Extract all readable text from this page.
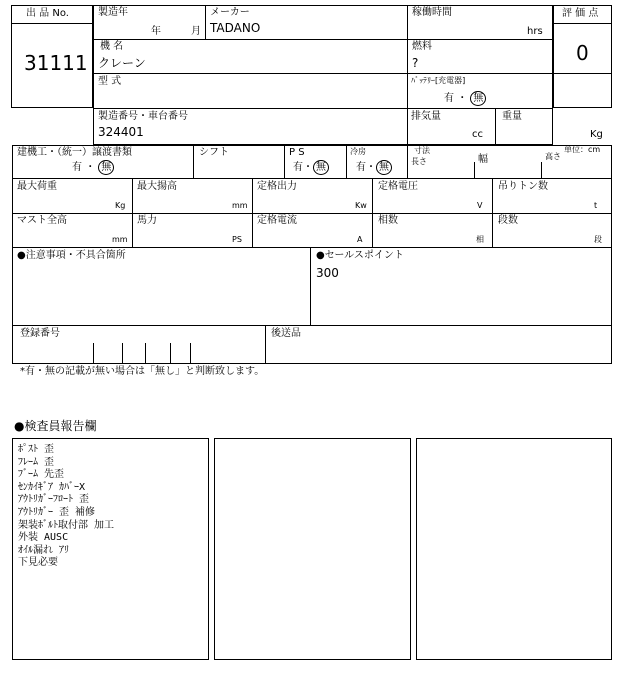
出 品 No.
31111
評 価 点
0
製造年
年	月
メーカー
TADANO
稼働時間
hrs
機 名
クレーン
燃料
?
型 式	ﾊﾞｯﾃﾘｰ[充電器]
有 ・ 無
製造番号・車台番号
324401
排気量
cc
重量
Kg
建機工・（統一）譲渡書類
有 ・ 無
シフト	P S
有・ 無
冷房
有・ 無
寸法	単位：cm
長さ	幅	高さ
最大荷重
Kg
最大揚高
mm
定格出力
Kw
定格電圧
V
吊りトン数
t
マスト全高
mm
馬力
PS
定格電流
A
相数
相
段数
段
●注意事項・不具合箇所	●セールスポイント
300
登録番号	後送品
*有・無の記載が無い場合は「無し」と判断致します。
●検査員報告欄
ﾎﾟｽﾄ 歪
ﾌﾚｰﾑ 歪
ﾌﾞｰﾑ 先歪
ｾﾝｶｲｷﾞｱ ｶﾊﾞｰX
ｱｳﾄﾘｶﾞｰﾌﾛｰﾄ 歪
ｱｳﾄﾘｶﾞｰ 歪 補修
架装ﾎﾞﾙﾄ取付部 加工
外装 AUSC
ｵｲﾙ漏れ ｱﾘ
下見必要
